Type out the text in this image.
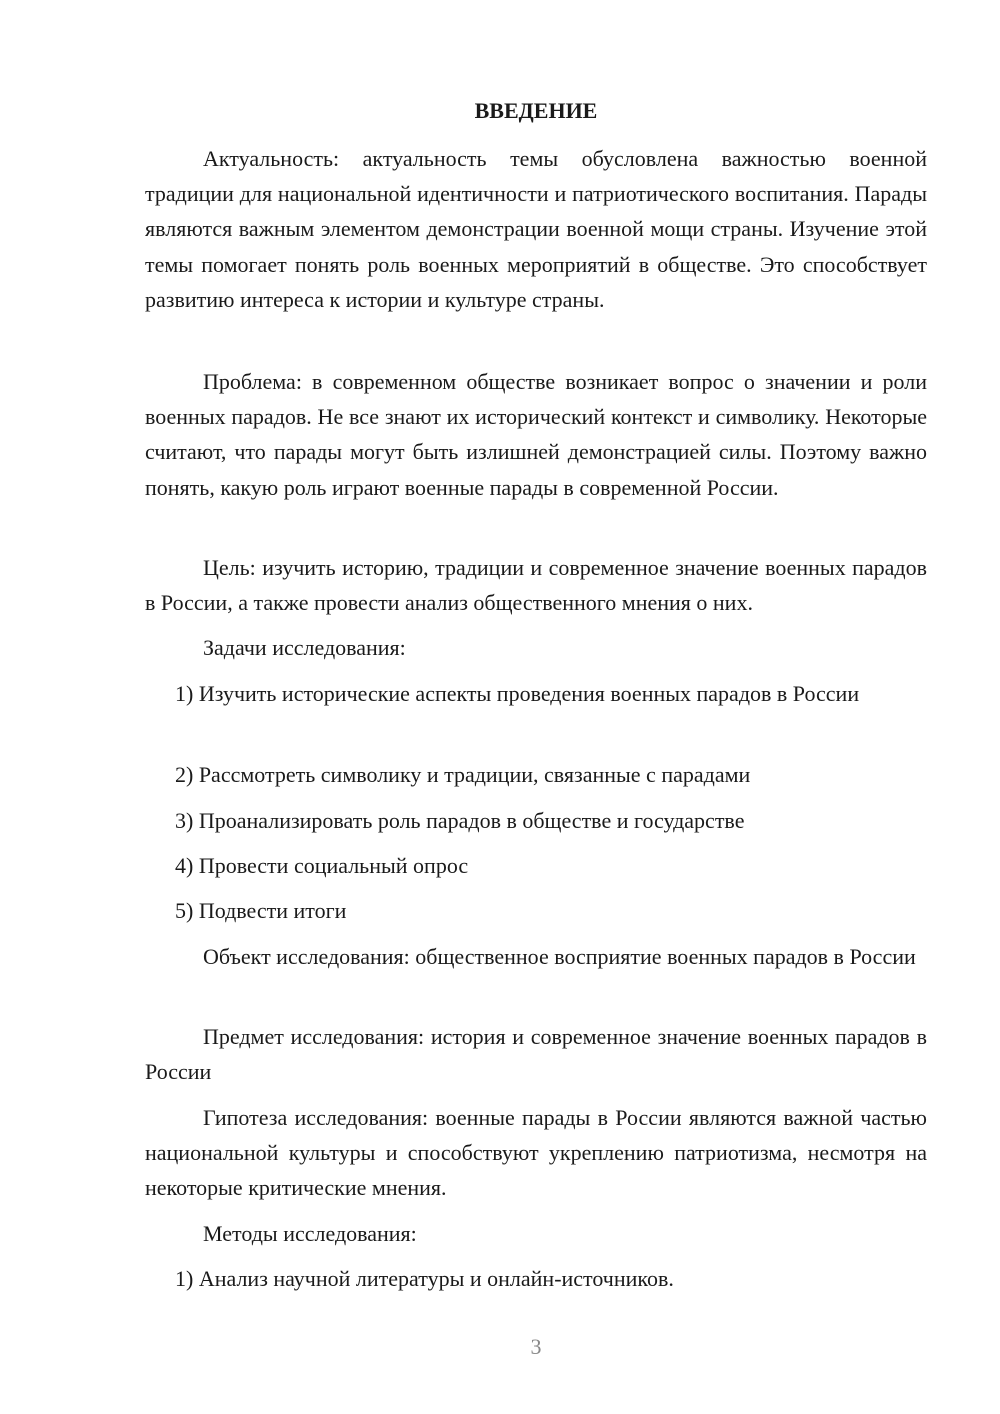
ВВЕДЕНИЕ

Актуальность: актуальность темы обусловлена важностью военной традиции для национальной идентичности и патриотического воспитания. Парады являются важным элементом демонстрации военной мощи страны. Изучение этой темы помогает понять роль военных мероприятий в обществе. Это способствует развитию интереса к истории и культуре страны.

Проблема: в современном обществе возникает вопрос о значении и роли военных парадов. Не все знают их исторический контекст и символику. Некоторые считают, что парады могут быть излишней демонстрацией силы. Поэтому важно понять, какую роль играют военные парады в современной России.

Цель: изучить историю, традиции и современное значение военных парадов в России, а также провести анализ общественного мнения о них.

Задачи исследования:

1) Изучить исторические аспекты проведения военных парадов в России

2) Рассмотреть символику и традиции, связанные с парадами

3) Проанализировать роль парадов в обществе и государстве

4) Провести социальный опрос

5) Подвести итоги

Объект исследования: общественное восприятие военных парадов в России

Предмет исследования: история и современное значение военных парадов в России

Гипотеза исследования: военные парады в России являются важной частью национальной культуры и способствуют укреплению патриотизма, несмотря на некоторые критические мнения.

Методы исследования:

1) Анализ научной литературы и онлайн-источников.

3
